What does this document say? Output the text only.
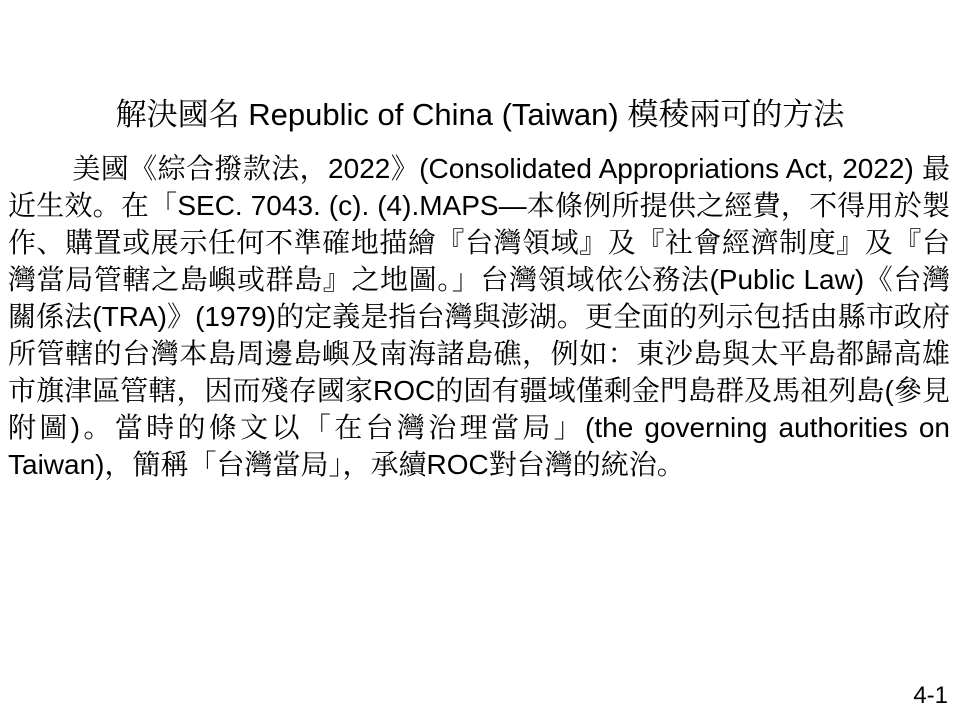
解決國名 Republic of China (Taiwan) 模稜兩可的方法
美國《綜合撥款法，2022》(Consolidated Appropriations Act, 2022) 最近生效。在「SEC. 7043. (c). (4).MAPS—本條例所提供之經費，不得用於製作、購置或展示任何不準確地描繪『台灣領域』及『社會經濟制度』及『台灣當局管轄之島嶼或群島』之地圖。」台灣領域依公務法(Public Law)《台灣關係法(TRA)》(1979)的定義是指台灣與澎湖。更全面的列示包括由縣市政府所管轄的台灣本島周邊島嶼及南海諸島礁，例如：東沙島與太平島都歸高雄市旗津區管轄，因而殘存國家ROC的固有疆域僅剩金門島群及馬祖列島(參見附圖)。當時的條文以「在台灣治理當局」(the governing authorities on Taiwan)，簡稱「台灣當局」，承續ROC對台灣的統治。
4-1
